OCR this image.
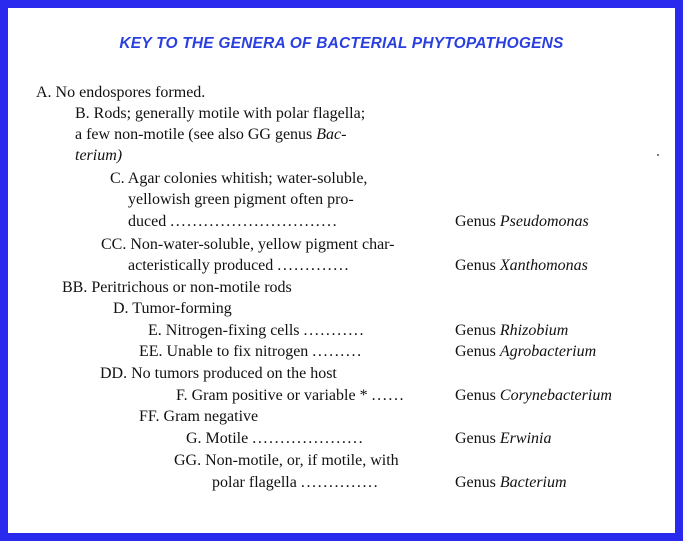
KEY TO THE GENERA OF BACTERIAL PHYTOPATHOGENS
A. No endospores formed.
B. Rods; generally motile with polar flagella;
a few non-motile (see also GG genus Bac-
terium)
C. Agar colonies whitish; water-soluble,
yellowish green pigment often pro-
duced ..............................	Genus Pseudomonas
CC. Non-water-soluble, yellow pigment char-
acteristically produced .............	Genus Xanthomonas
BB. Peritrichous or non-motile rods
D. Tumor-forming
E. Nitrogen-fixing cells ...........	Genus Rhizobium
EE. Unable to fix nitrogen .........	Genus Agrobacterium
DD. No tumors produced on the host
F. Gram positive or variable * ......	Genus Corynebacterium
FF. Gram negative
G. Motile ....................	Genus Erwinia
GG. Non-motile, or, if motile, with
polar flagella ..............	Genus Bacterium
